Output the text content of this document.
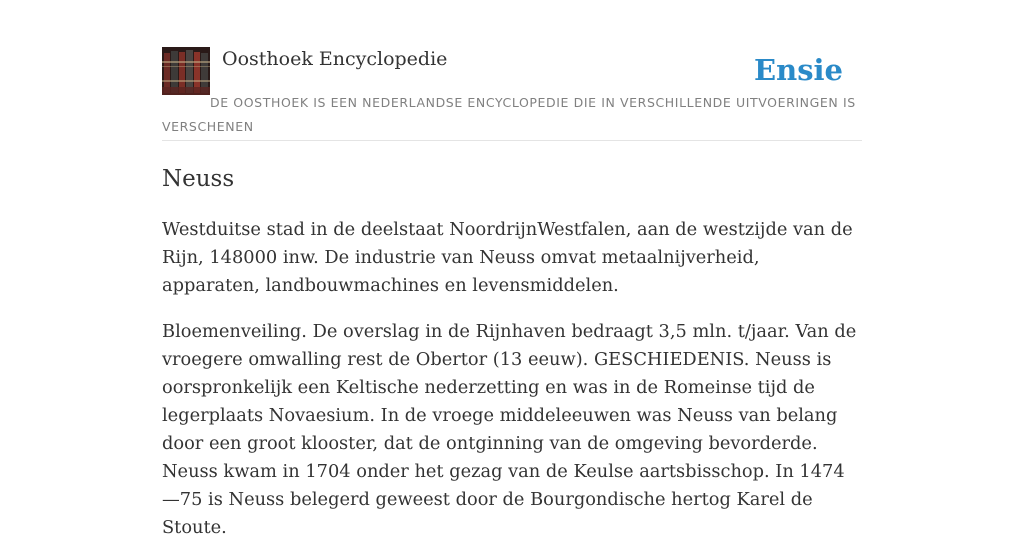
Oosthoek Encyclopedie	Ensie

DE OOSTHOEK IS EEN NEDERLANDSE ENCYCLOPEDIE DIE IN VERSCHILLENDE UITVOERINGEN IS VERSCHENEN

Neuss

Westduitse stad in de deelstaat NoordrijnWestfalen, aan de westzijde van de Rijn, 148000 inw. De industrie van Neuss omvat metaalnijverheid, apparaten, landbouwmachines en levensmiddelen.

Bloemenveiling. De overslag in de Rijnhaven bedraagt 3,5 mln. t/jaar. Van de vroegere omwalling rest de Obertor (13 eeuw). GESCHIEDENIS. Neuss is oorspronkelijk een Keltische nederzetting en was in de Romeinse tijd de legerplaats Novaesium. In de vroege middeleeuwen was Neuss van belang door een groot klooster, dat de ontginning van de omgeving bevorderde. Neuss kwam in 1704 onder het gezag van de Keulse aartsbisschop. In 1474—75 is Neuss belegerd geweest door de Bourgondische hertog Karel de Stoute.
